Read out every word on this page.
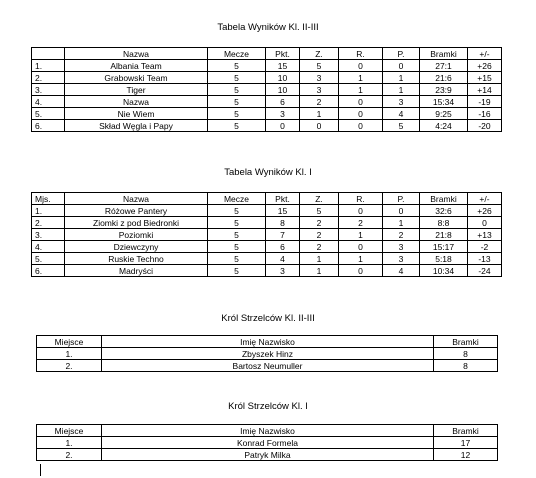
Tabela Wyników Kl. II-III
	Nazwa	Mecze	Pkt.	Z.	R.	P.	Bramki	+/-
1.	Albania Team	5	15	5	0	0	27:1	+26
2.	Grabowski Team	5	10	3	1	1	21:6	+15
3.	Tiger	5	10	3	1	1	23:9	+14
4.	Nazwa	5	6	2	0	3	15:34	-19
5.	Nie Wiem	5	3	1	0	4	9:25	-16
6.	Skład Węgla i Papy	5	0	0	0	5	4:24	-20
Tabela Wyników Kl. I
Mjs.	Nazwa	Mecze	Pkt.	Z.	R.	P.	Bramki	+/-
1.	Różowe Pantery	5	15	5	0	0	32:6	+26
2.	Ziomki z pod Biedronki	5	8	2	2	1	8:8	0
3.	Poziomki	5	7	2	1	2	21:8	+13
4.	Dziewczyny	5	6	2	0	3	15:17	-2
5.	Ruskie Techno	5	4	1	1	3	5:18	-13
6.	Madryści	5	3	1	0	4	10:34	-24
Król Strzelców Kl. II-III
Miejsce	Imię Nazwisko	Bramki
1.	Zbyszek Hinz	8
2.	Bartosz Neumuller	8
Król Strzelców Kl. I
Miejsce	Imię Nazwisko	Bramki
1.	Konrad Formela	17
2.	Patryk Milka	12
